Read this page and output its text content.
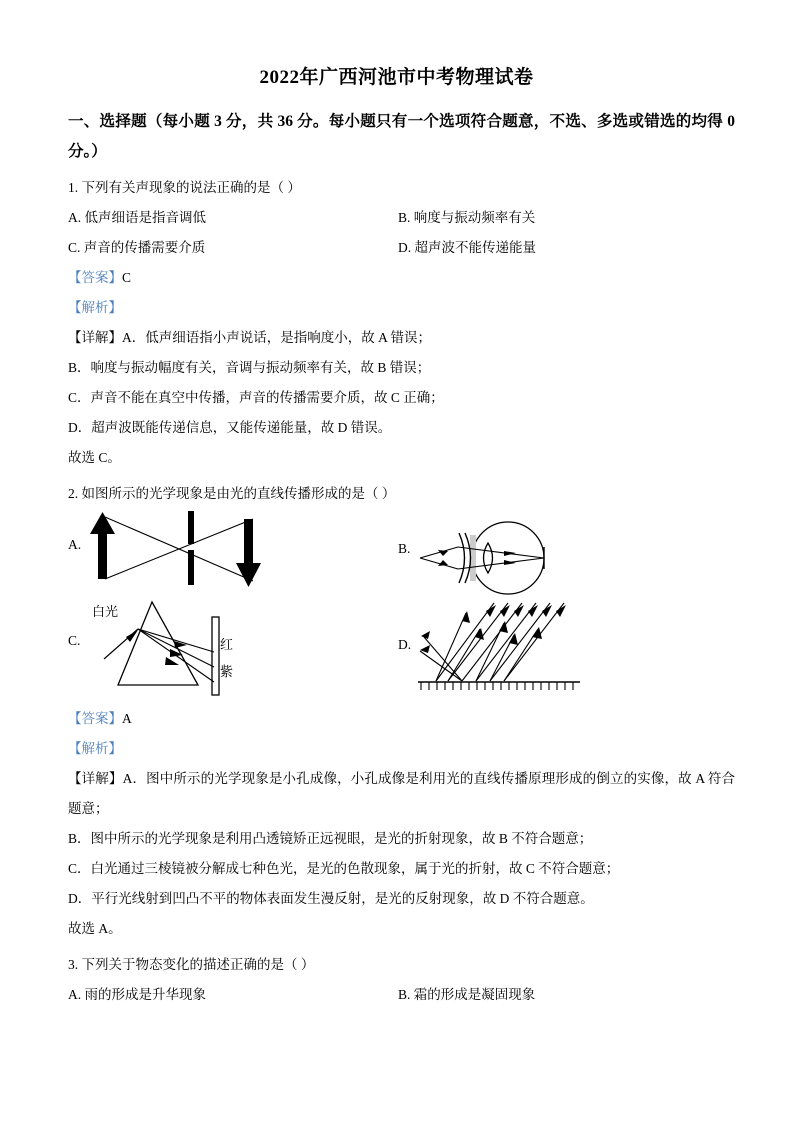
2022年广西河池市中考物理试卷

一、选择题（每小题 3 分，共 36 分。每小题只有一个选项符合题意，不选、多选或错选的均得 0 分。）

1. 下列有关声现象的说法正确的是（ ）

A. 低声细语是指音调低	B. 响度与振动频率有关
C. 声音的传播需要介质	D. 超声波不能传递能量

【答案】C

【解析】

【详解】A．低声细语指小声说话，是指响度小，故 A 错误；

B．响度与振动幅度有关，音调与振动频率有关，故 B 错误；

C．声音不能在真空中传播，声音的传播需要介质，故 C 正确；

D．超声波既能传递信息，又能传递能量，故 D 错误。

故选 C。

2. 如图所示的光学现象是由光的直线传播形成的是（ ）

A.	B.
C.
白光
红
紫
D.

【答案】A

【解析】

【详解】A．图中所示的光学现象是小孔成像，小孔成像是利用光的直线传播原理形成的倒立的实像，故 A 符合题意；

B．图中所示的光学现象是利用凸透镜矫正远视眼，是光的折射现象，故 B 不符合题意；

C．白光通过三棱镜被分解成七种色光，是光的色散现象，属于光的折射，故 C 不符合题意；

D．平行光线射到凹凸不平的物体表面发生漫反射，是光的反射现象，故 D 不符合题意。

故选 A。

3. 下列关于物态变化的描述正确的是（ ）

A. 雨的形成是升华现象	B. 霜的形成是凝固现象
